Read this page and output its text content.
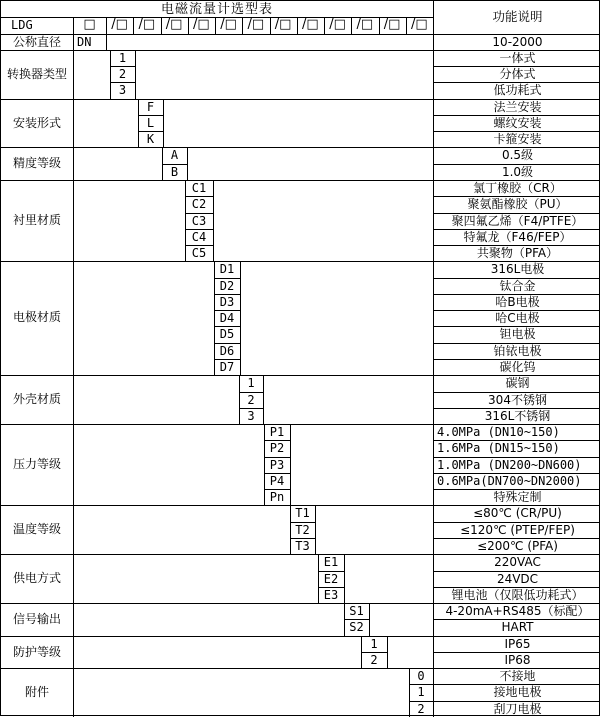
电磁流量计选型表	功能说明
LDG	□	/□ /□ /□ /□ /□ /□ /□ /□ /□ /□ /□ /□
公称直径	DN	10-2000
转换器类型
1	一体式
2	分体式
3	低功耗式
安装形式
F	法兰安装
L	螺纹安装
K	卡箍安装
精度等级
A	0.5级
B	1.0级
衬里材质
C1	氯丁橡胶（CR）
C2	聚氨酯橡胶（PU）
C3	聚四氟乙烯（F4/PTFE）
C4	特氟龙（F46/FEP）
C5	共聚物（PFA）
电极材质
D1	316L电极
D2	钛合金
D3	哈B电极
D4	哈C电极
D5	钽电极
D6	铂铱电极
D7	碳化钨
外壳材质
1	碳钢
2	304不锈钢
3	316L不锈钢
压力等级
P1	4.0MPa (DN10~150)
P2	1.6MPa (DN15~150)
P3	1.0MPa (DN200~DN600)
P4	0.6MPa(DN700~DN2000)
Pn	特殊定制
温度等级
T1	≤80℃ (CR/PU)
T2	≤120℃ (PTEP/FEP)
T3	≤200℃ (PFA)
供电方式
E1	220VAC
E2	24VDC
E3	锂电池（仅限低功耗式）
信号输出
S1	4-20mA+RS485（标配）
S2	HART
防护等级
1	IP65
2	IP68
附件
0	不接地
1	接地电极
2	刮刀电极
